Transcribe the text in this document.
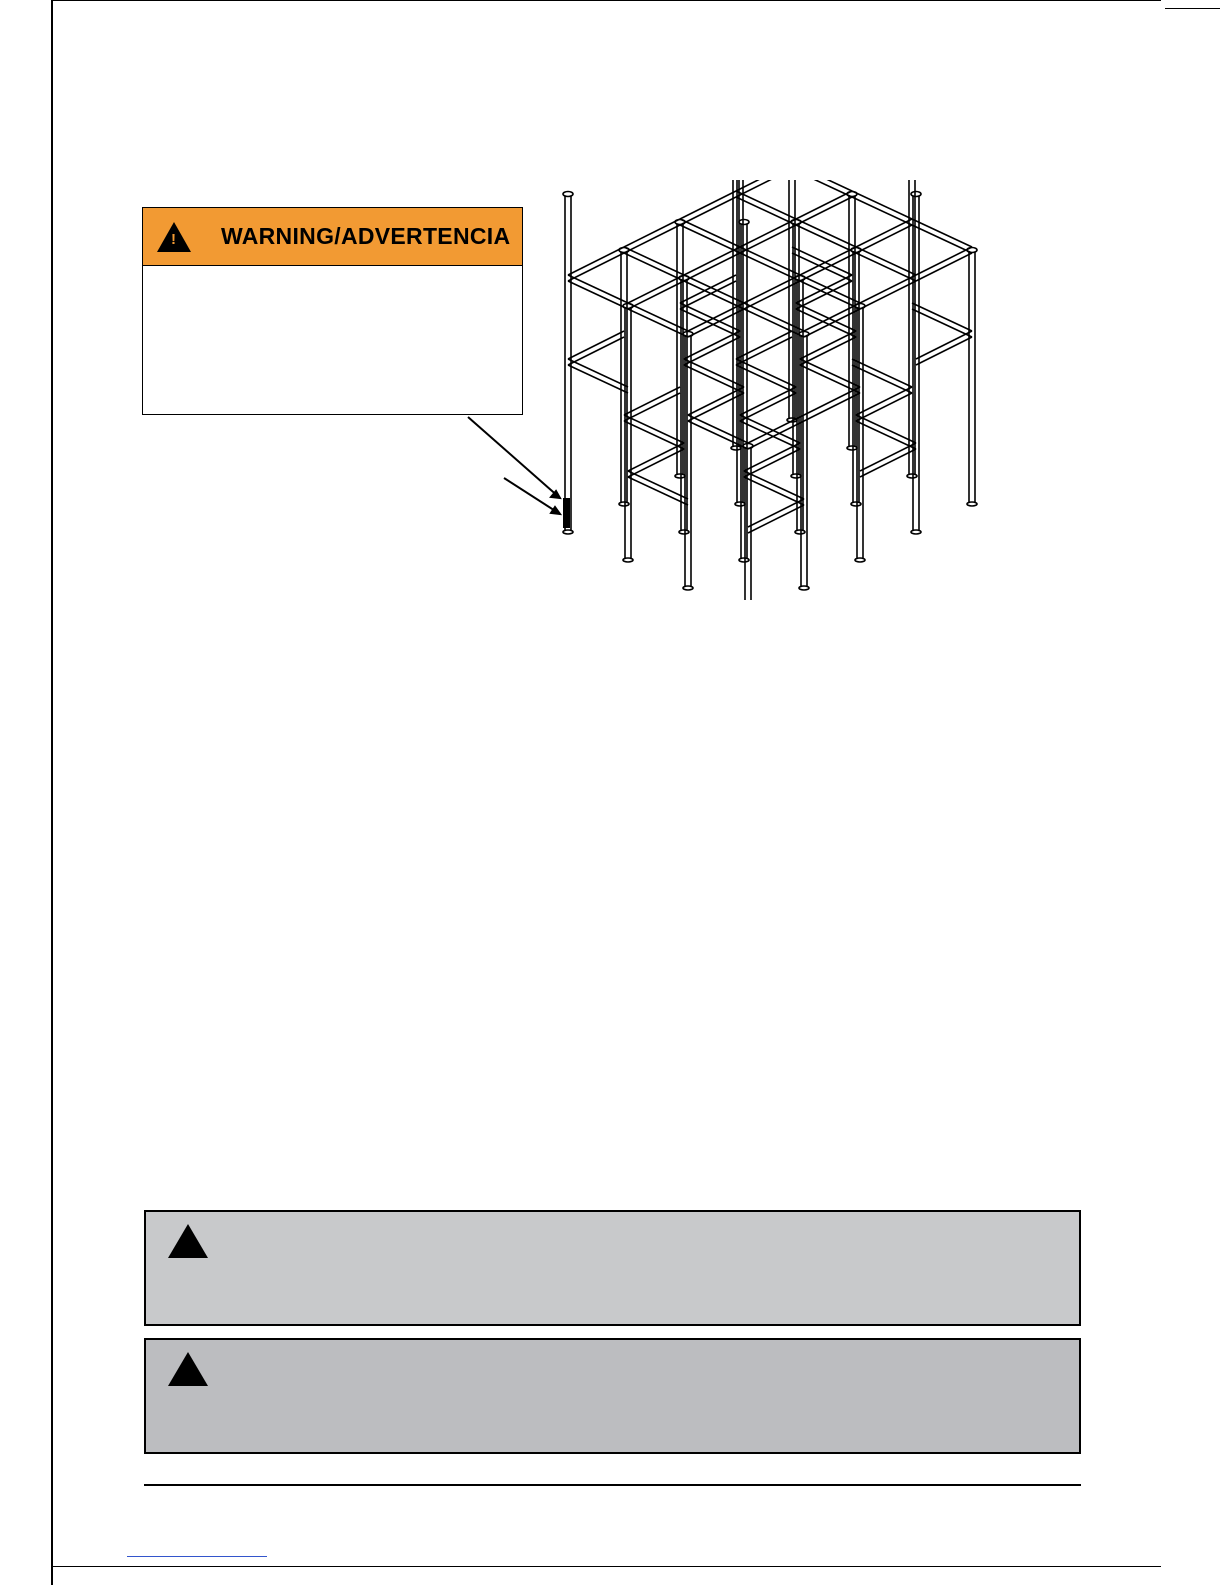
! WARNING/ADVERTENCIA
